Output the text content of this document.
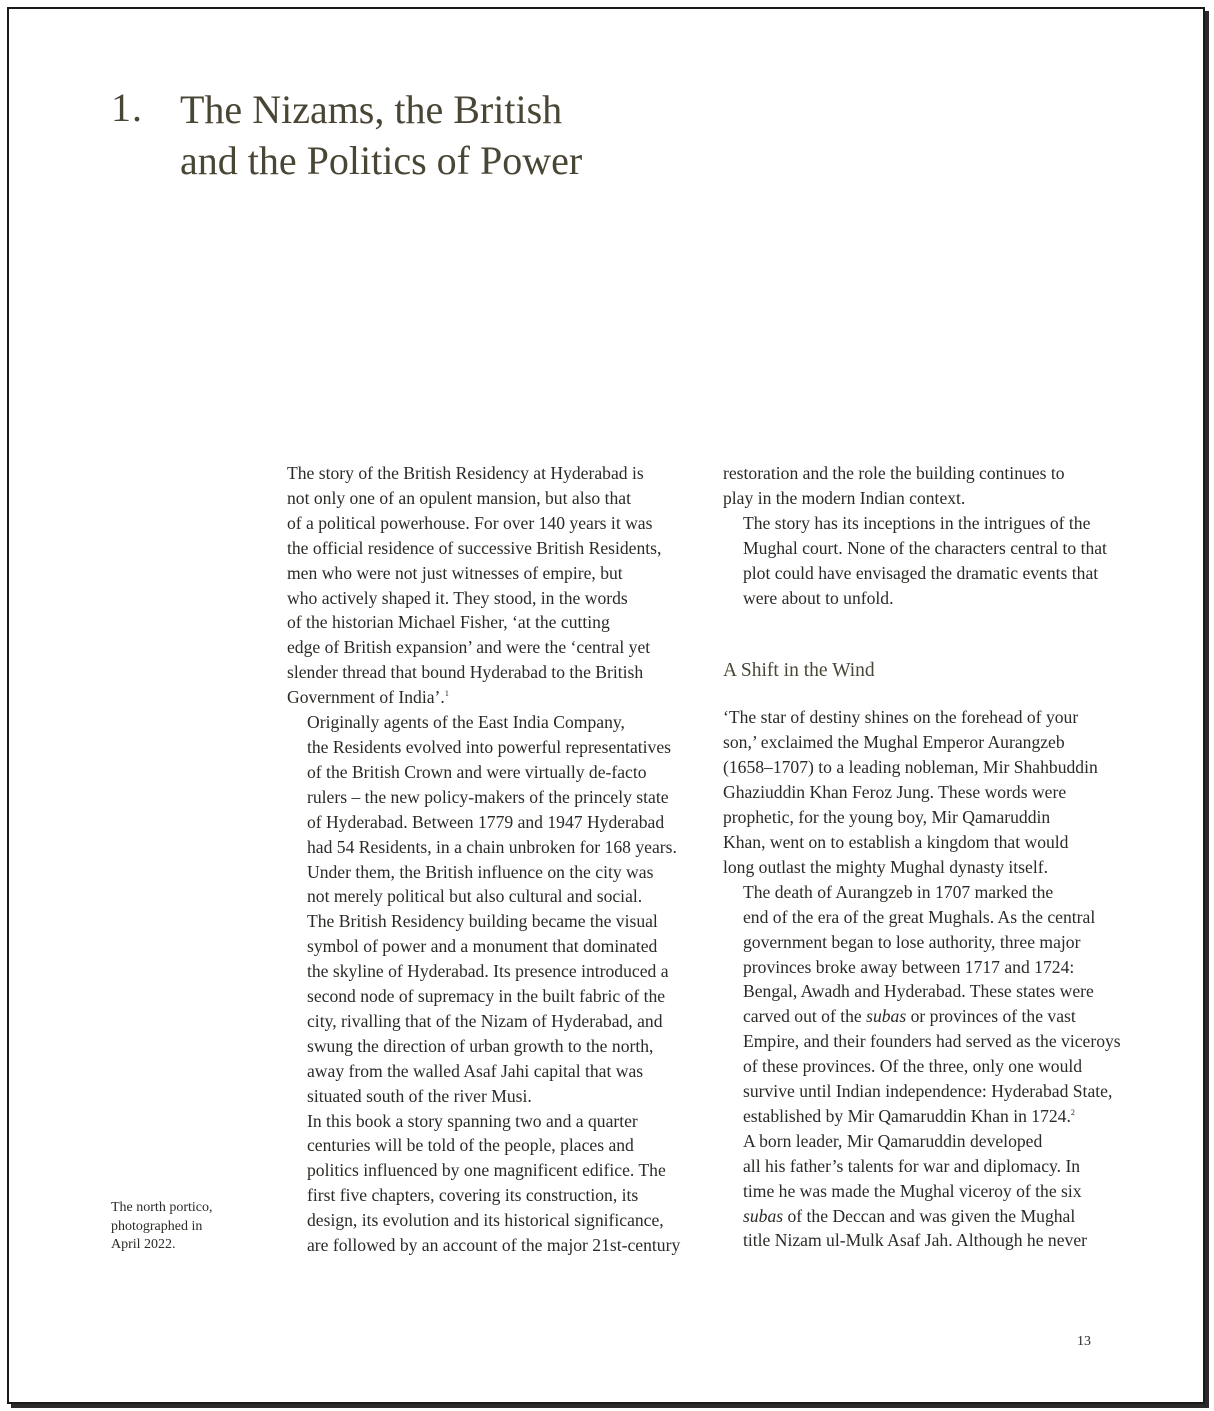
1. The Nizams, the British
and the Politics of Power

The story of the British Residency at Hyderabad is
not only one of an opulent mansion, but also that
of a political powerhouse. For over 140 years it was
the official residence of successive British Residents,
men who were not just witnesses of empire, but
who actively shaped it. They stood, in the words
of the historian Michael Fisher, ‘at the cutting
edge of British expansion’ and were the ‘central yet
slender thread that bound Hyderabad to the British
Government of India’.$^1$

Originally agents of the East India Company,
the Residents evolved into powerful representatives
of the British Crown and were virtually de-facto
rulers – the new policy-makers of the princely state
of Hyderabad. Between 1779 and 1947 Hyderabad
had 54 Residents, in a chain unbroken for 168 years.
Under them, the British influence on the city was
not merely political but also cultural and social.

The British Residency building became the visual
symbol of power and a monument that dominated
the skyline of Hyderabad. Its presence introduced a
second node of supremacy in the built fabric of the
city, rivalling that of the Nizam of Hyderabad, and
swung the direction of urban growth to the north,
away from the walled Asaf Jahi capital that was
situated south of the river Musi.

In this book a story spanning two and a quarter
centuries will be told of the people, places and
politics influenced by one magnificent edifice. The
first five chapters, covering its construction, its
design, its evolution and its historical significance,
are followed by an account of the major 21st-century

restoration and the role the building continues to
play in the modern Indian context.

The story has its inceptions in the intrigues of the
Mughal court. None of the characters central to that
plot could have envisaged the dramatic events that
were about to unfold.

A Shift in the Wind

‘The star of destiny shines on the forehead of your
son,’ exclaimed the Mughal Emperor Aurangzeb
(1658–1707) to a leading nobleman, Mir Shahbuddin
Ghaziuddin Khan Feroz Jung. These words were
prophetic, for the young boy, Mir Qamaruddin
Khan, went on to establish a kingdom that would
long outlast the mighty Mughal dynasty itself.

The death of Aurangzeb in 1707 marked the
end of the era of the great Mughals. As the central
government began to lose authority, three major
provinces broke away between 1717 and 1724:
Bengal, Awadh and Hyderabad. These states were
carved out of the subas or provinces of the vast
Empire, and their founders had served as the viceroys
of these provinces. Of the three, only one would
survive until Indian independence: Hyderabad State,
established by Mir Qamaruddin Khan in 1724.$^2$

A born leader, Mir Qamaruddin developed
all his father’s talents for war and diplomacy. In
time he was made the Mughal viceroy of the six
subas of the Deccan and was given the Mughal
title Nizam ul-Mulk Asaf Jah. Although he never

The north portico,
photographed in
April 2022.
13
